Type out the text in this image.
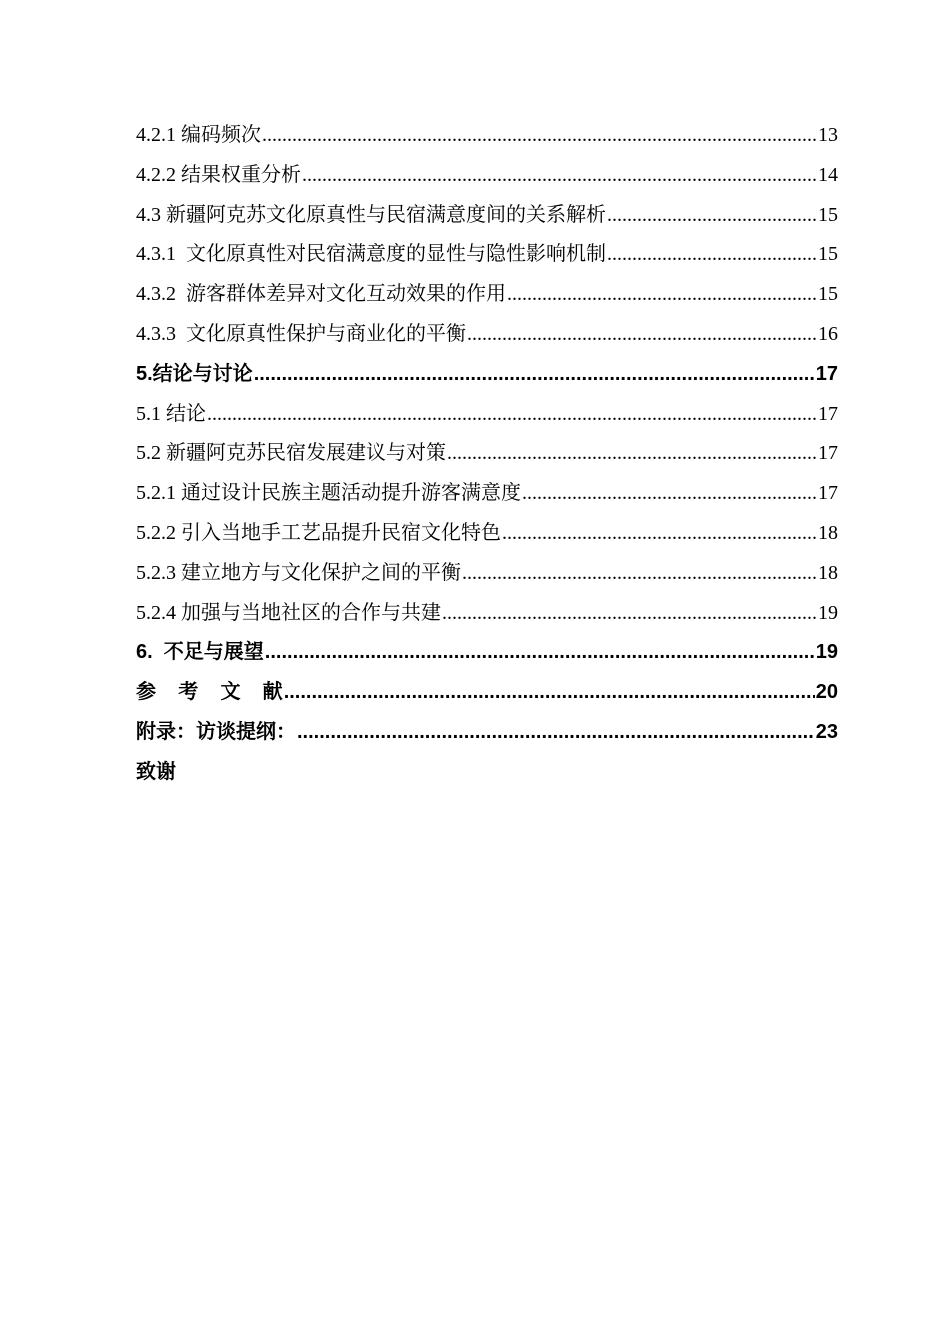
4.2.1 编码频次 .....	13
4.2.2 结果权重分析 .....	14
4.3 新疆阿克苏文化原真性与民宿满意度间的关系解析 .....	15
4.3.1  文化原真性对民宿满意度的显性与隐性影响机制 .....	15
4.3.2  游客群体差异对文化互动效果的作用 .....	15
4.3.3  文化原真性保护与商业化的平衡 .....	16
5.结论与讨论 .....	17
5.1 结论 .....	17
5.2 新疆阿克苏民宿发展建议与对策 .....	17
5.2.1 通过设计民族主题活动提升游客满意度 .....	17
5.2.2 引入当地手工艺品提升民宿文化特色 .....	18
5.2.3 建立地方与文化保护之间的平衡 .....	18
5.2.4 加强与当地社区的合作与共建 .....	19
6.  不足与展望 .....	19
参    考    文    献 .....	20
附录：访谈提纲： .....	23
致谢
